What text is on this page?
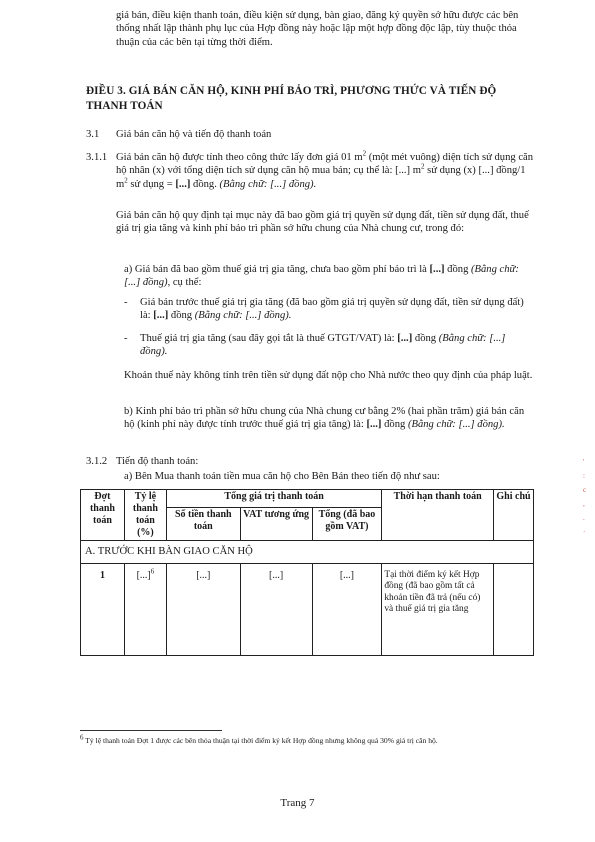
giá bán, điều kiện thanh toán, điều kiện sử dụng, bàn giao, đăng ký quyền sở hữu được các bên thống nhất lập thành phụ lục của Hợp đồng này hoặc lập một hợp đồng độc lập, tùy thuộc thỏa thuận của các bên tại từng thời điểm.
ĐIỀU 3. GIÁ BÁN CĂN HỘ, KINH PHÍ BẢO TRÌ, PHƯƠNG THỨC VÀ TIẾN ĐỘ THANH TOÁN
3.1 Giá bán căn hộ và tiến độ thanh toán
3.1.1 Giá bán căn hộ được tính theo công thức lấy đơn giá 01 $m^2$ (một mét vuông) diện tích sử dụng căn hộ nhân (x) với tổng diện tích sử dụng căn hộ mua bán; cụ thể là: [...] $m^2$ sử dụng (x) [...] đồng/1 $m^2$ sử dụng = [...] đồng. (Bằng chữ: [...] đồng).
Giá bán căn hộ quy định tại mục này đã bao gồm giá trị quyền sử dụng đất, tiền sử dụng đất, thuế giá trị gia tăng và kinh phí bảo trì phần sở hữu chung của Nhà chung cư, trong đó:
a) Giá bán đã bao gồm thuế giá trị gia tăng, chưa bao gồm phí bảo trì là [...] đồng (Bằng chữ: [...] đồng), cụ thể:
- Giá bán trước thuế giá trị gia tăng (đã bao gồm giá trị quyền sử dụng đất, tiền sử dụng đất) là: [...] đồng (Bằng chữ: [...] đồng).
- Thuế giá trị gia tăng (sau đây gọi tắt là thuế GTGT/VAT) là: [...] đồng (Bằng chữ: [...] đồng).
Khoản thuế này không tính trên tiền sử dụng đất nộp cho Nhà nước theo quy định của pháp luật.
b) Kinh phí bảo trì phần sở hữu chung của Nhà chung cư bằng 2% (hai phần trăm) giá bán căn hộ (kinh phí này được tính trước thuế giá trị gia tăng) là: [...] đồng (Bằng chữ: [...] đồng).
3.1.2 Tiến độ thanh toán:
a) Bên Mua thanh toán tiền mua căn hộ cho Bên Bán theo tiến độ như sau:
Đợt thanh toán	Tỷ lệ thanh toán (%)	Tổng giá trị thanh toán			Thời hạn thanh toán	Ghi chú
		Số tiền thanh toán	VAT tương ứng	Tổng (đã bao gồm VAT)		
A. TRƯỚC KHI BÀN GIAO CĂN HỘ						
1	[...]$^6$	[...]	[...]	[...]	Tại thời điểm ký kết Hợp đồng (đã bao gồm tất cả khoản tiền đã trả (nếu có) và thuế giá trị gia tăng	
$^6$ Tỷ lệ thanh toán Đợt 1 được các bên thỏa thuận tại thời điểm ký kết Hợp đồng nhưng không quá 30% giá trị căn hộ.
Trang 7
'
:
c
,
.
·
